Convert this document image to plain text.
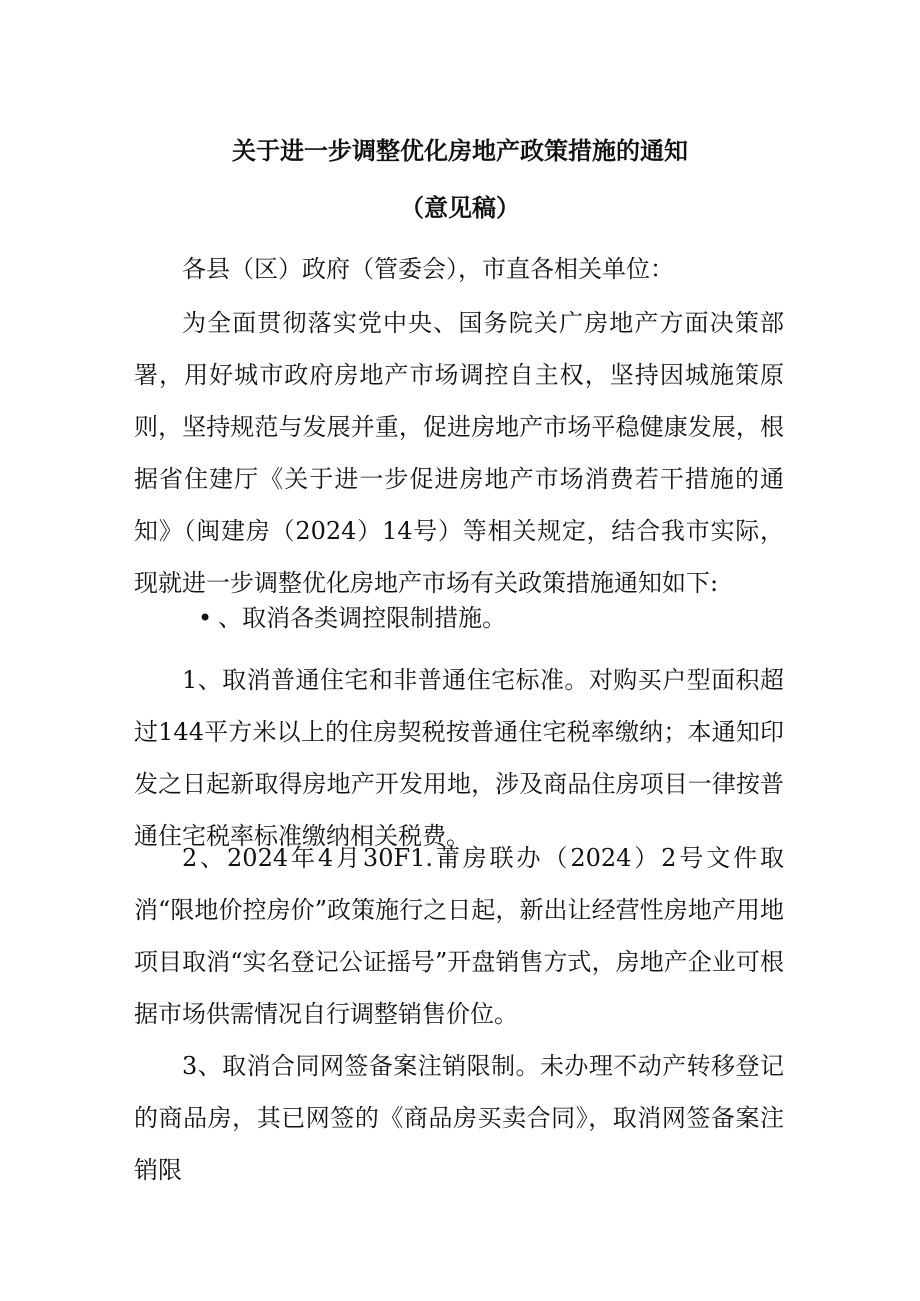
关于进一步调整优化房地产政策措施的通知
（意见稿）

各县（区）政府（管委会），市直各相关单位：

为全面贯彻落实党中央、国务院关广房地产方面决策部署，用好城市政府房地产市场调控自主权，坚持因城施策原则，坚持规范与发展并重，促进房地产市场平稳健康发展，根据省住建厅《关于进一步促进房地产市场消费若干措施的通知》（闽建房（2024）14号）等相关规定，结合我市实际，现就进一步调整优化房地产市场有关政策措施通知如下:

• 、取消各类调控限制措施。

1、取消普通住宅和非普通住宅标准。对购买户型面积超过144平方米以上的住房契税按普通住宅税率缴纳；本通知印发之日起新取得房地产开发用地，涉及商品住房项目一律按普通住宅税率标准缴纳相关税费。

2、2024年4月30F1.莆房联办（2024）2号文件取消“限地价控房价”政策施行之日起，新出让经营性房地产用地项目取消“实名登记公证摇号”开盘销售方式，房地产企业可根据市场供需情况自行调整销售价位。

3、取消合同网签备案注销限制。未办理不动产转移登记的商品房，其已网签的《商品房买卖合同》，取消网签备案注销限
